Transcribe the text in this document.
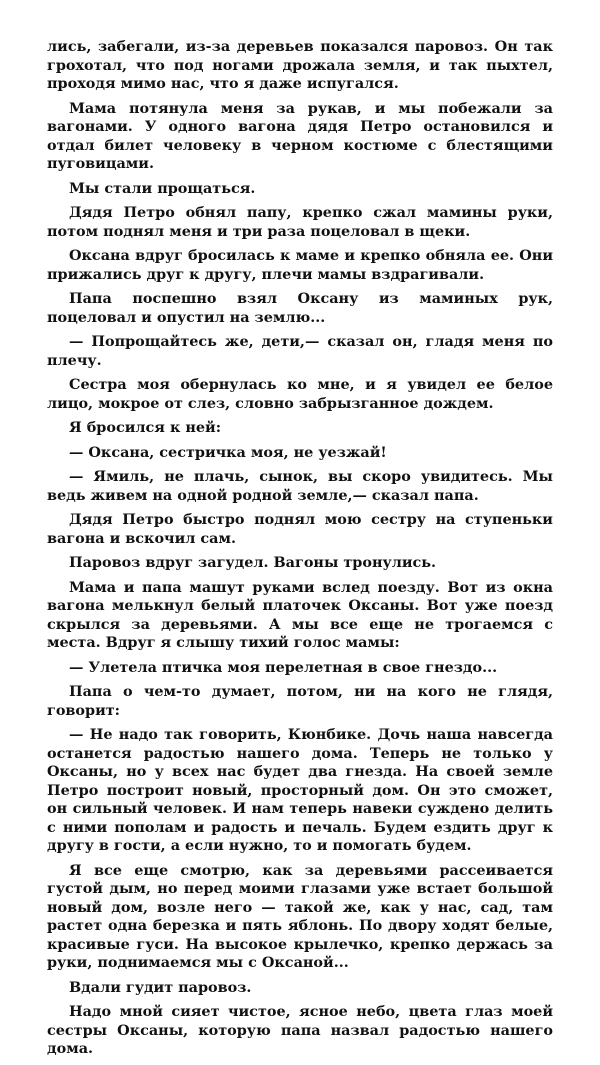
лись, забегали, из-за деревьев показался паровоз. Он так грохотал, что под ногами дрожала земля, и так пыхтел, проходя мимо нас, что я даже испугался.

Мама потянула меня за рукав, и мы побежали за вагонами. У одного вагона дядя Петро остановился и отдал билет человеку в черном костюме с блестящими пуговицами.

Мы стали прощаться.

Дядя Петро обнял папу, крепко сжал мамины руки, потом поднял меня и три раза поцеловал в щеки.

Оксана вдруг бросилась к маме и крепко обняла ее. Они прижались друг к другу, плечи мамы вздрагивали.

Папа поспешно взял Оксану из маминых рук, поцеловал и опустил на землю...

— Попрощайтесь же, дети,— сказал он, гладя меня по плечу.

Сестра моя обернулась ко мне, и я увидел ее белое лицо, мокрое от слез, словно забрызганное дождем.

Я бросился к ней:

— Оксана, сестричка моя, не уезжай!

— Ямиль, не плачь, сынок, вы скоро увидитесь. Мы ведь живем на одной родной земле,— сказал папа.

Дядя Петро быстро поднял мою сестру на ступеньки вагона и вскочил сам.

Паровоз вдруг загудел. Вагоны тронулись.

Мама и папа машут руками вслед поезду. Вот из окна вагона мелькнул белый платочек Оксаны. Вот уже поезд скрылся за деревьями. А мы все еще не трогаемся с места. Вдруг я слышу тихий голос мамы:

— Улетела птичка моя перелетная в свое гнездо...

Папа о чем-то думает, потом, ни на кого не глядя, говорит:

— Не надо так говорить, Кюнбике. Дочь наша навсегда останется радостью нашего дома. Теперь не только у Оксаны, но у всех нас будет два гнезда. На своей земле Петро построит новый, просторный дом. Он это сможет, он сильный человек. И нам теперь навеки суждено делить с ними пополам и радость и печаль. Будем ездить друг к другу в гости, а если нужно, то и помогать будем.

Я все еще смотрю, как за деревьями рассеивается густой дым, но перед моими глазами уже встает большой новый дом, возле него — такой же, как у нас, сад, там растет одна березка и пять яблонь. По двору ходят белые, красивые гуси. На высокое крылечко, крепко держась за руки, поднимаемся мы с Оксаной...

Вдали гудит паровоз.

Надо мной сияет чистое, ясное небо, цвета глаз моей сестры Оксаны, которую папа назвал радостью нашего дома.
